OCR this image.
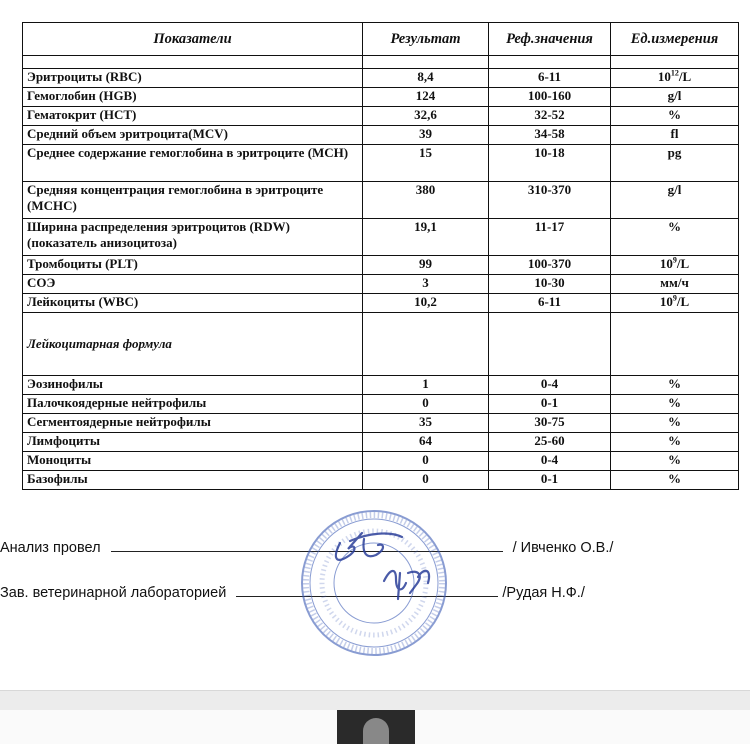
Показатели	Результат	Реф.значения	Ед.измерения

Эритроциты (RBC)	8,4	6-11	$10^{12}/L$
Гемоглобин (HGB)	124	100-160	g/l
Гематокрит (HCT)	32,6	32-52	%
Средний объем эритроцита(MCV)	39	34-58	fl
Среднее содержание гемоглобина в эритроците (MCH)	15	10-18	pg
Средняя концентрация гемоглобина в эритроците (MCHC)	380	310-370	g/l
Ширина распределения эритроцитов (RDW) (показатель анизоцитоза)	19,1	11-17	%
Тромбоциты (PLT)	99	100-370	$10^9/L$
СОЭ	3	10-30	мм/ч
Лейкоциты (WBC)	10,2	6-11	$10^9/L$
Лейкоцитарная формула			
Эозинофилы	1	0-4	%
Палочкоядерные нейтрофилы	0	0-1	%
Сегментоядерные нейтрофилы	35	30-75	%
Лимфоциты	64	25-60	%
Моноциты	0	0-4	%
Базофилы	0	0-1	%
Анализ провел	/ Ивченко О.В./
Зав. ветеринарной лабораторией	/Рудая Н.Ф./
